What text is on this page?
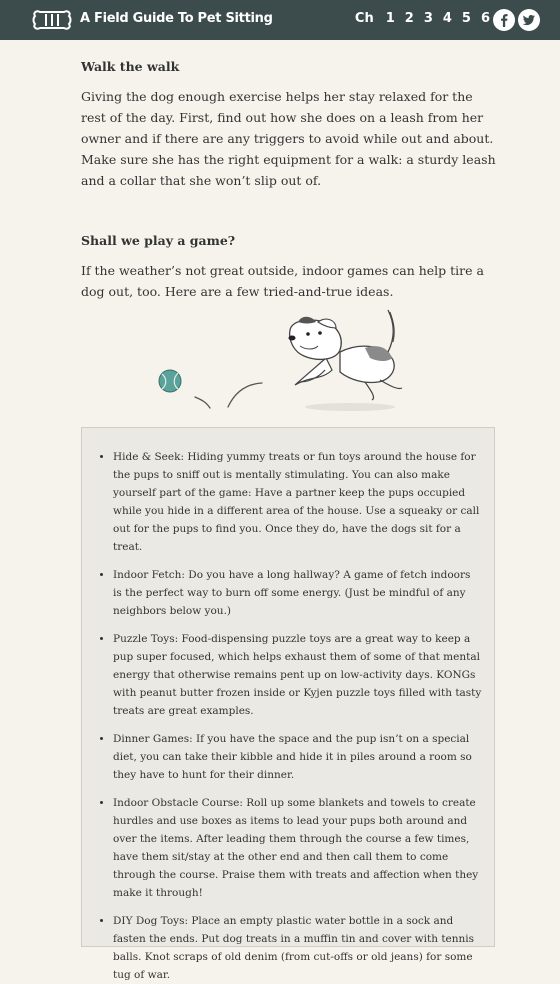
A Field Guide To Pet Sitting	Ch 1 2 3 4 5 6
Walk the walk

Giving the dog enough exercise helps her stay relaxed for the rest of the day. First, find out how she does on a leash from her owner and if there are any triggers to avoid while out and about. Make sure she has the right equipment for a walk: a sturdy leash and a collar that she won’t slip out of.

Shall we play a game?

If the weather’s not great outside, indoor games can help tire a dog out, too. Here are a few tried-and-true ideas.

• Hide & Seek: Hiding yummy treats or fun toys around the house for the pups to sniff out is mentally stimulating. You can also make yourself part of the game: Have a partner keep the pups occupied while you hide in a different area of the house. Use a squeaky or call out for the pups to find you. Once they do, have the dogs sit for a treat.
• Indoor Fetch: Do you have a long hallway? A game of fetch indoors is the perfect way to burn off some energy. (Just be mindful of any neighbors below you.)
• Puzzle Toys: Food-dispensing puzzle toys are a great way to keep a pup super focused, which helps exhaust them of some of that mental energy that otherwise remains pent up on low-activity days. KONGs with peanut butter frozen inside or Kyjen puzzle toys filled with tasty treats are great examples.
• Dinner Games: If you have the space and the pup isn’t on a special diet, you can take their kibble and hide it in piles around a room so they have to hunt for their dinner.
• Indoor Obstacle Course: Roll up some blankets and towels to create hurdles and use boxes as items to lead your pups both around and over the items. After leading them through the course a few times, have them sit/stay at the other end and then call them to come through the course. Praise them with treats and affection when they make it through!
• DIY Dog Toys: Place an empty plastic water bottle in a sock and fasten the ends. Put dog treats in a muffin tin and cover with tennis balls. Knot scraps of old denim (from cut-offs or old jeans) for some tug of war.
